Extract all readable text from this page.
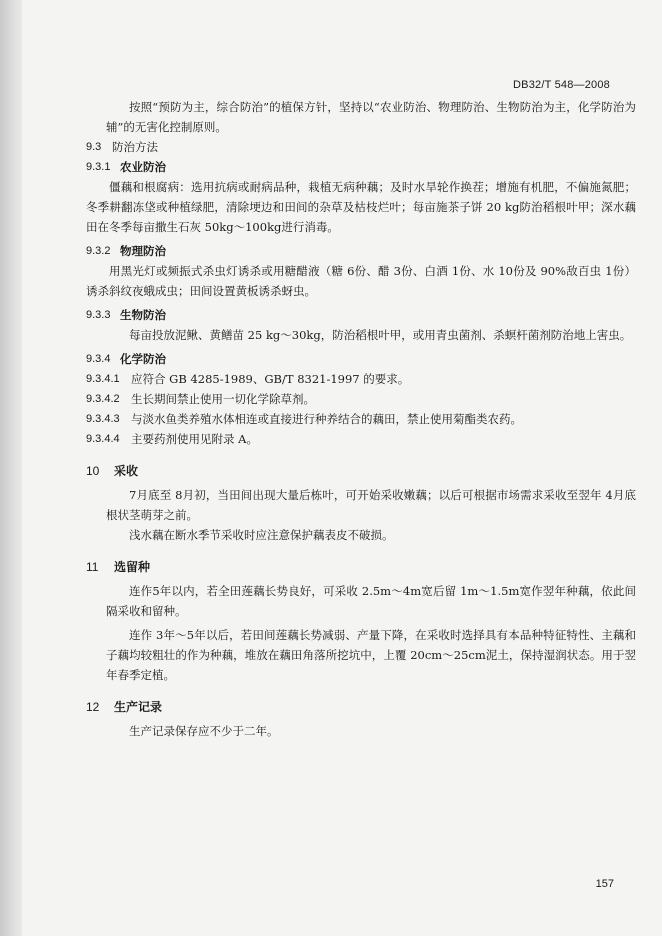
DB32/T 548—2008

按照“预防为主，综合防治”的植保方针，坚持以“农业防治、物理防治、生物防治为主，化学防治为辅”的无害化控制原则。

9.3 防治方法
9.3.1 农业防治

僵藕和根腐病：选用抗病或耐病品种，栽植无病种藕；及时水旱轮作换茬；增施有机肥，不偏施氮肥；冬季耕翻冻垡或种植绿肥，清除埂边和田间的杂草及枯枝烂叶；每亩施茶子饼 20 kg防治稻根叶甲；深水藕田在冬季每亩撒生石灰 50kg～100kg进行消毒。

9.3.2 物理防治

用黑光灯或频振式杀虫灯诱杀或用糖醋液（糖 6份、醋 3份、白酒 1份、水 10份及 90%敌百虫 1份）诱杀斜纹夜蛾成虫；田间设置黄板诱杀蚜虫。

9.3.3 生物防治

每亩投放泥鳅、黄鳝苗 25 kg～30kg，防治稻根叶甲，或用青虫菌剂、杀螟杆菌剂防治地上害虫。

9.3.4 化学防治
9.3.4.1 应符合 GB 4285-1989、GB/T 8321-1997 的要求。
9.3.4.2 生长期间禁止使用一切化学除草剂。
9.3.4.3 与淡水鱼类养殖水体相连或直接进行种养结合的藕田，禁止使用菊酯类农药。
9.3.4.4 主要药剂使用见附录 A。
10	采收

7月底至 8月初，当田间出现大量后栋叶，可开始采收嫩藕；以后可根据市场需求采收至翌年 4月底根状茎萌芽之前。

浅水藕在断水季节采收时应注意保护藕表皮不破损。

11	选留种

连作5年以内，若全田莲藕长势良好，可采收 2.5m～4m宽后留 1m～1.5m宽作翌年种藕，依此间隔采收和留种。

连作 3年～5年以后，若田间莲藕长势减弱、产量下降，在采收时选择具有本品种特征特性、主藕和子藕均较粗壮的作为种藕，堆放在藕田角落所挖坑中，上覆 20cm～25cm泥土，保持湿润状态。用于翌年春季定植。

12	生产记录

生产记录保存应不少于二年。

157
